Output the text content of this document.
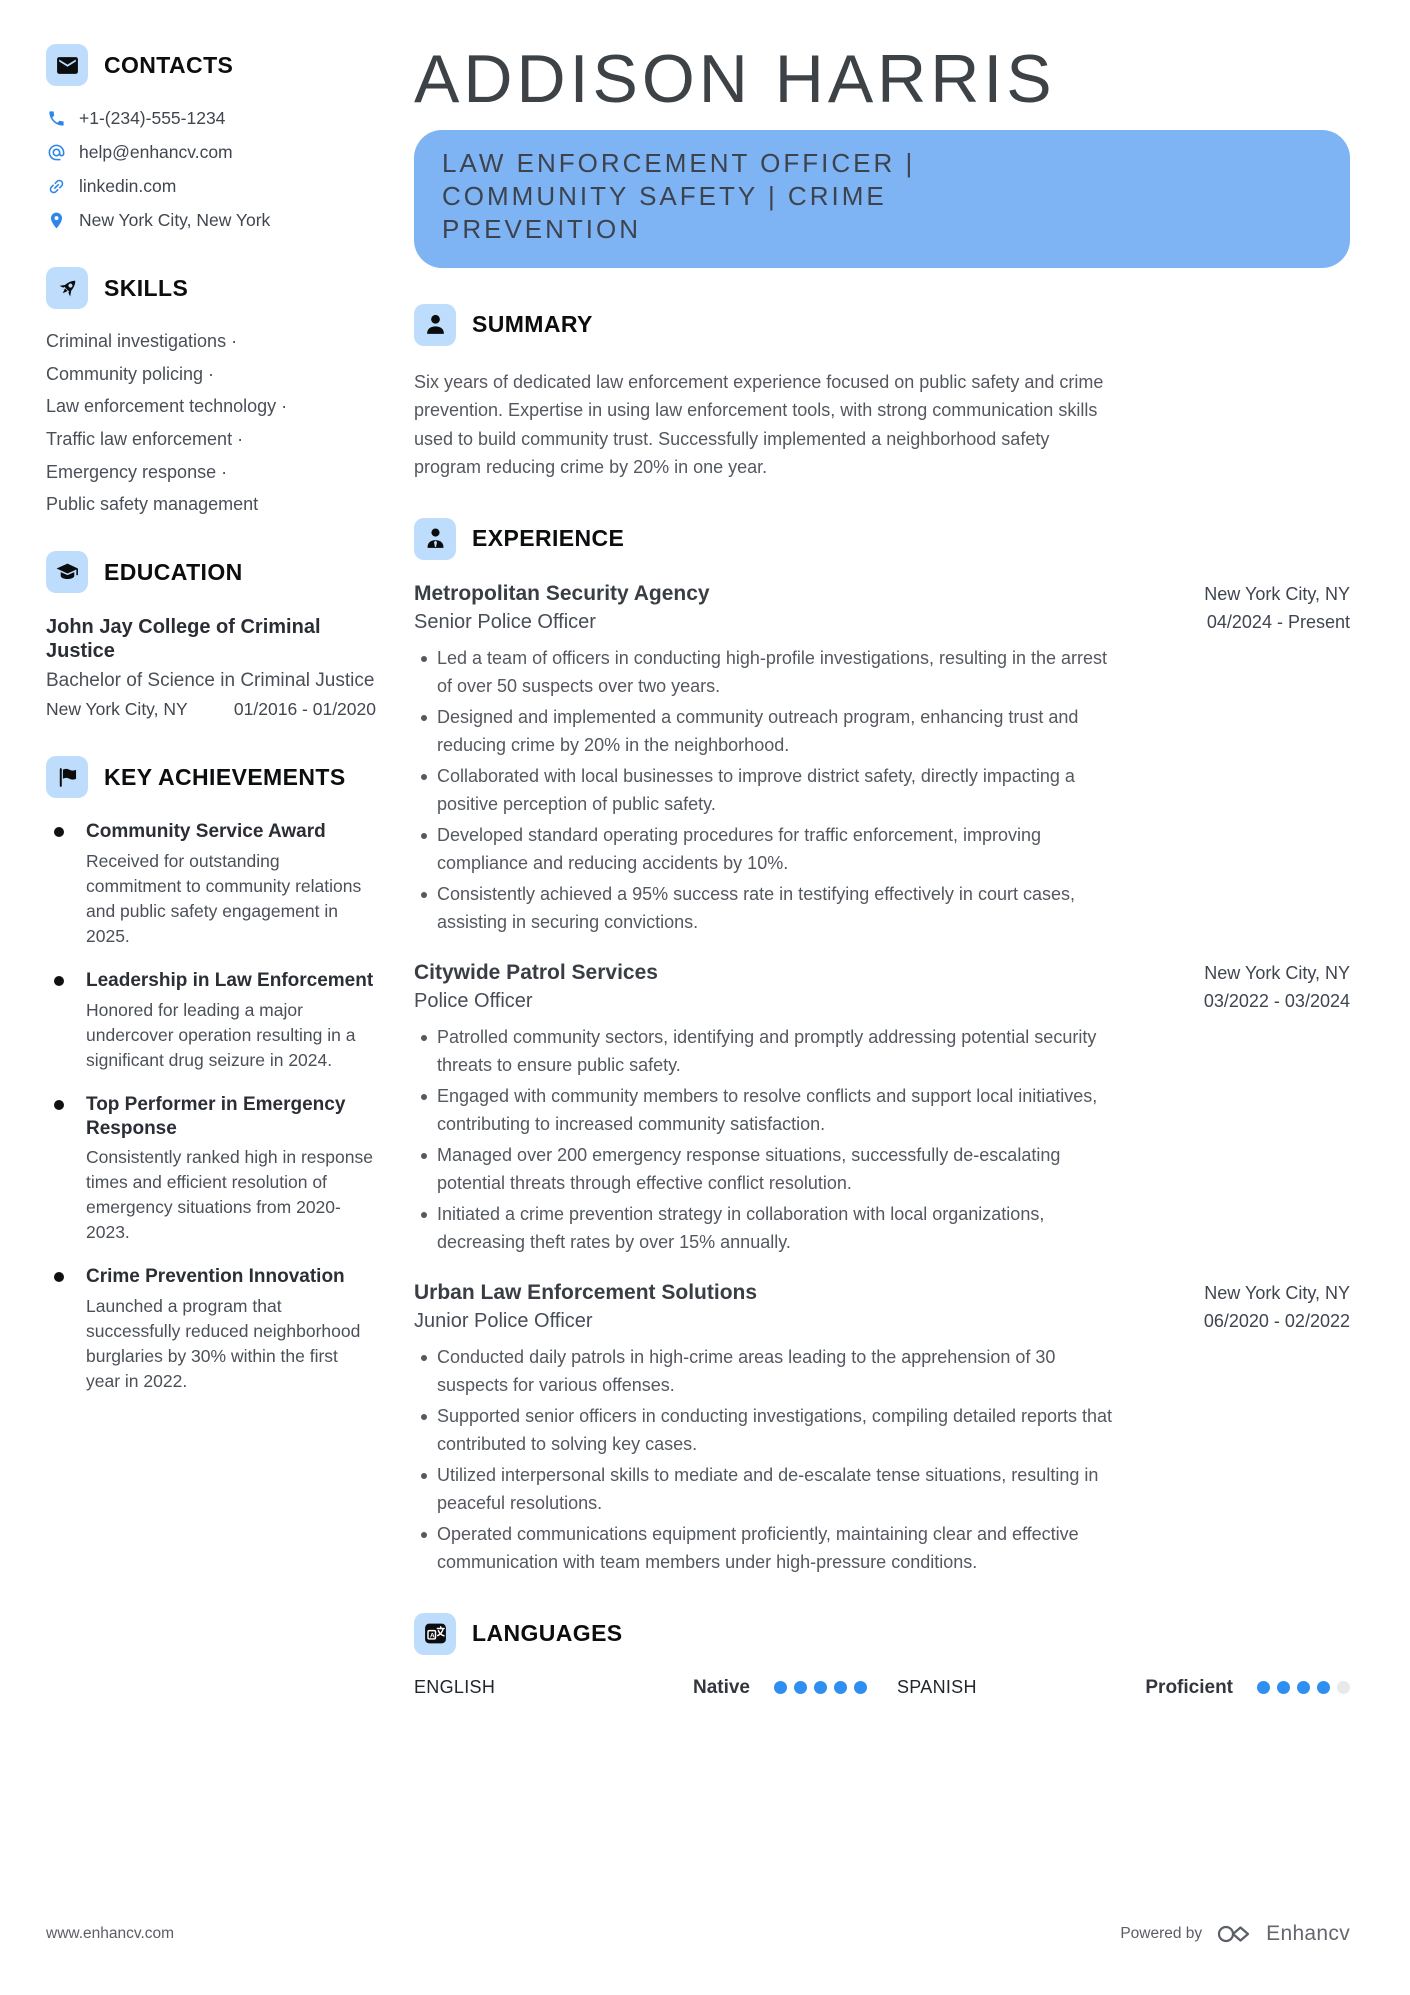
CONTACTS
+1-(234)-555-1234
help@enhancv.com
linkedin.com
New York City, New York
SKILLS
Criminal investigations ·
Community policing ·
Law enforcement technology ·
Traffic law enforcement ·
Emergency response ·
Public safety management
EDUCATION
John Jay College of Criminal Justice
Bachelor of Science in Criminal Justice
New York City, NY	01/2016 - 01/2020
KEY ACHIEVEMENTS
Community Service Award
Received for outstanding commitment to community relations and public safety engagement in 2025.
Leadership in Law Enforcement
Honored for leading a major undercover operation resulting in a significant drug seizure in 2024.
Top Performer in Emergency Response
Consistently ranked high in response times and efficient resolution of emergency situations from 2020-2023.
Crime Prevention Innovation
Launched a program that successfully reduced neighborhood burglaries by 30% within the first year in 2022.
ADDISON HARRIS
LAW ENFORCEMENT OFFICER | COMMUNITY SAFETY | CRIME PREVENTION
SUMMARY

Six years of dedicated law enforcement experience focused on public safety and crime prevention. Expertise in using law enforcement tools, with strong communication skills used to build community trust. Successfully implemented a neighborhood safety program reducing crime by 20% in one year.

EXPERIENCE
Metropolitan Security Agency	New York City, NY
Senior Police Officer	04/2024 - Present
Led a team of officers in conducting high-profile investigations, resulting in the arrest of over 50 suspects over two years.
Designed and implemented a community outreach program, enhancing trust and reducing crime by 20% in the neighborhood.
Collaborated with local businesses to improve district safety, directly impacting a positive perception of public safety.
Developed standard operating procedures for traffic enforcement, improving compliance and reducing accidents by 10%.
Consistently achieved a 95% success rate in testifying effectively in court cases, assisting in securing convictions.
Citywide Patrol Services	New York City, NY
Police Officer	03/2022 - 03/2024
Patrolled community sectors, identifying and promptly addressing potential security threats to ensure public safety.
Engaged with community members to resolve conflicts and support local initiatives, contributing to increased community satisfaction.
Managed over 200 emergency response situations, successfully de-escalating potential threats through effective conflict resolution.
Initiated a crime prevention strategy in collaboration with local organizations, decreasing theft rates by over 15% annually.
Urban Law Enforcement Solutions	New York City, NY
Junior Police Officer	06/2020 - 02/2022
Conducted daily patrols in high-crime areas leading to the apprehension of 30 suspects for various offenses.
Supported senior officers in conducting investigations, compiling detailed reports that contributed to solving key cases.
Utilized interpersonal skills to mediate and de-escalate tense situations, resulting in peaceful resolutions.
Operated communications equipment proficiently, maintaining clear and effective communication with team members under high-pressure conditions.
A LANGUAGES
ENGLISH	Native	SPANISH	Proficient
www.enhancv.com	Powered by	Enhancv
